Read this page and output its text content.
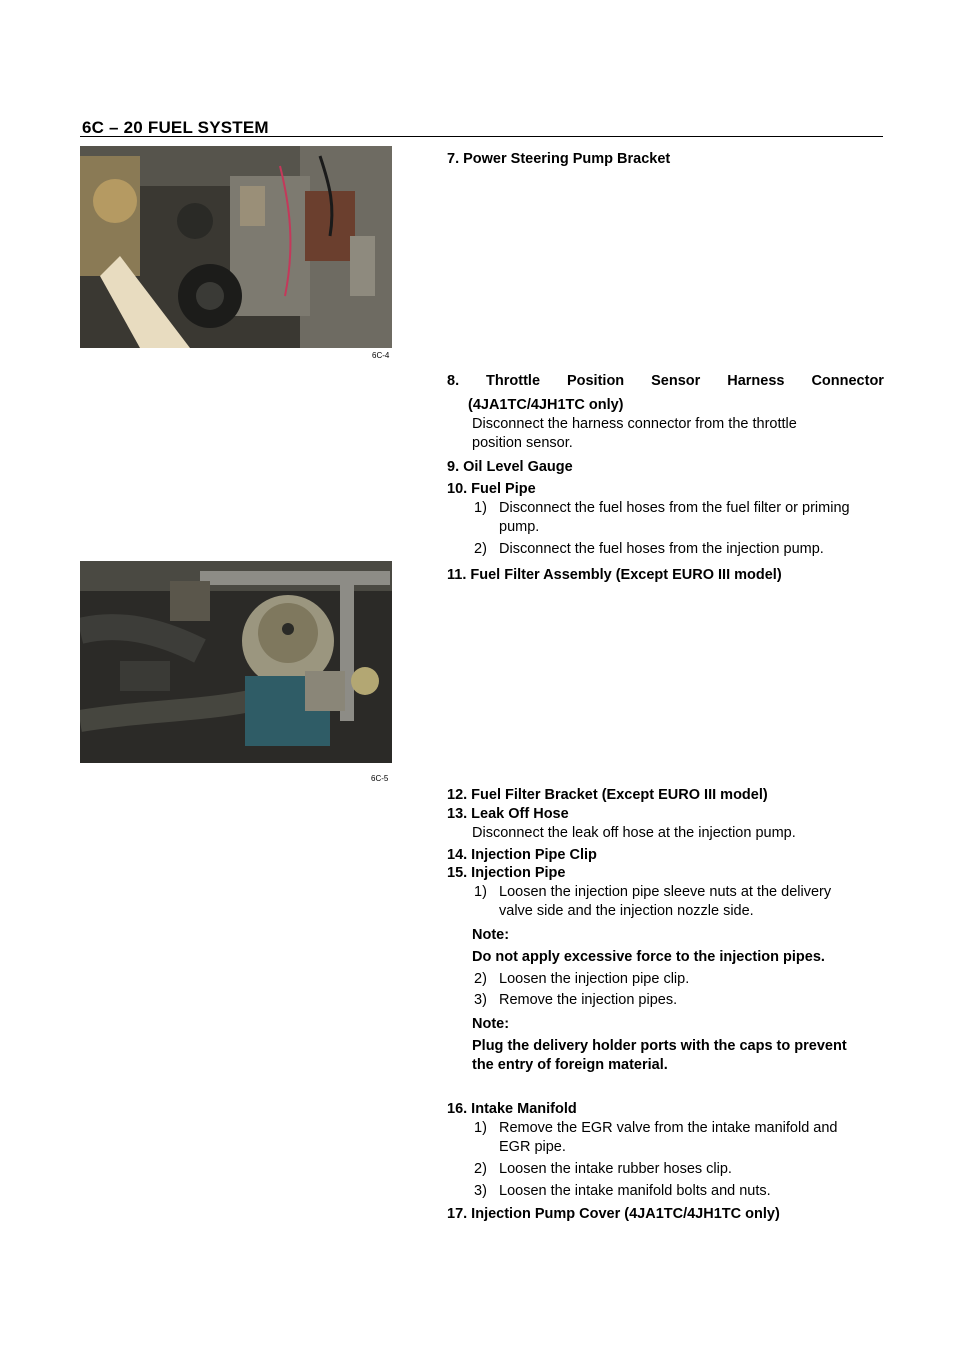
6C – 20 FUEL SYSTEM
6C-4
6C-5
7. Power Steering Pump Bracket
8. Throttle Position Sensor Harness Connector
(4JA1TC/4JH1TC only)
Disconnect the harness connector from the throttle
position sensor.
9. Oil Level Gauge
10. Fuel Pipe
1) Disconnect the fuel hoses from the fuel filter or priming
pump.
2) Disconnect the fuel hoses from the injection pump.
11. Fuel Filter Assembly (Except EURO III model)
12. Fuel Filter Bracket (Except EURO III model)
13. Leak Off Hose
Disconnect the leak off hose at the injection pump.
14. Injection Pipe Clip
15. Injection Pipe
1) Loosen the injection pipe sleeve nuts at the delivery
valve side and the injection nozzle side.
Note:
Do not apply excessive force to the injection pipes.
2) Loosen the injection pipe clip.
3) Remove the injection pipes.
Note:
Plug the delivery holder ports with the caps to prevent
the entry of foreign material.
16. Intake Manifold
1) Remove the EGR valve from the intake manifold and
EGR pipe.
2) Loosen the intake rubber hoses clip.
3) Loosen the intake manifold bolts and nuts.
17. Injection Pump Cover (4JA1TC/4JH1TC only)
